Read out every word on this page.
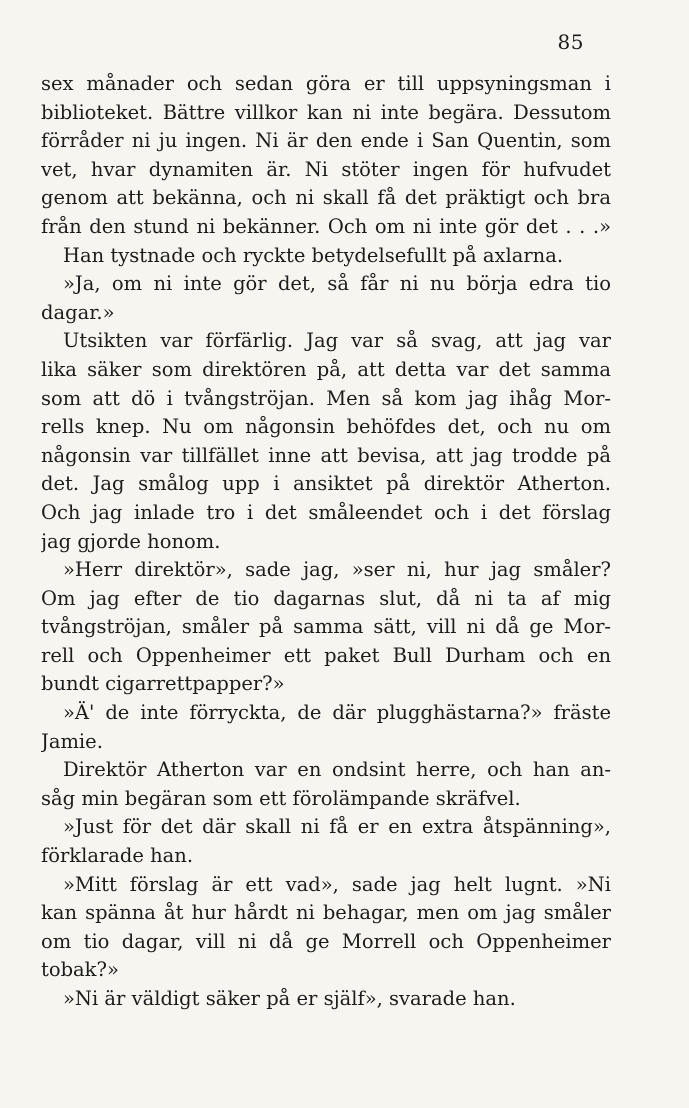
85
sex månader och sedan göra er till uppsyningsman i
biblioteket. Bättre villkor kan ni inte begära. Dessutom
förråder ni ju ingen. Ni är den ende i San Quentin, som
vet, hvar dynamiten är. Ni stöter ingen för hufvudet
genom att bekänna, och ni skall få det präktigt och bra
från den stund ni bekänner. Och om ni inte gör det . . .»
Han tystnade och ryckte betydelsefullt på axlarna.
»Ja, om ni inte gör det, så får ni nu börja edra tio
dagar.»
Utsikten var förfärlig. Jag var så svag, att jag var
lika säker som direktören på, att detta var det samma
som att dö i tvångströjan. Men så kom jag ihåg Mor-
rells knep. Nu om någonsin behöfdes det, och nu om
någonsin var tillfället inne att bevisa, att jag trodde på
det. Jag smålog upp i ansiktet på direktör Atherton.
Och jag inlade tro i det småleendet och i det förslag
jag gjorde honom.
»Herr direktör», sade jag, »ser ni, hur jag småler?
Om jag efter de tio dagarnas slut, då ni ta af mig
tvångströjan, småler på samma sätt, vill ni då ge Mor-
rell och Oppenheimer ett paket Bull Durham och en
bundt cigarrettpapper?»
»Ä' de inte förryckta, de där plugghästarna?» fräste
Jamie.
Direktör Atherton var en ondsint herre, och han an-
såg min begäran som ett förolämpande skräfvel.
»Just för det där skall ni få er en extra åtspänning»,
förklarade han.
»Mitt förslag är ett vad», sade jag helt lugnt. »Ni
kan spänna åt hur hårdt ni behagar, men om jag småler
om tio dagar, vill ni då ge Morrell och Oppenheimer
tobak?»
»Ni är väldigt säker på er själf», svarade han.
